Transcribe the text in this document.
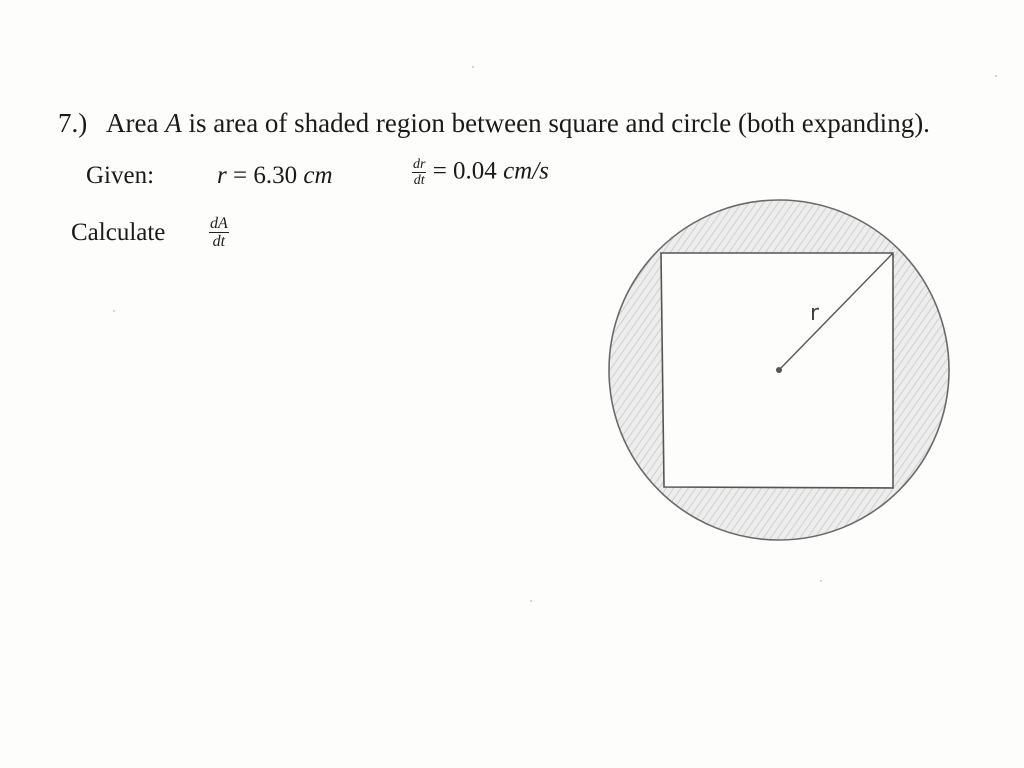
7.) Area A is area of shaded region between square and circle (both expanding).
Given:	r = 6.30 cm	$\frac{dr}{dt} = 0.04$ cm/s
Calculate	$\frac{dA}{dt}$
r
